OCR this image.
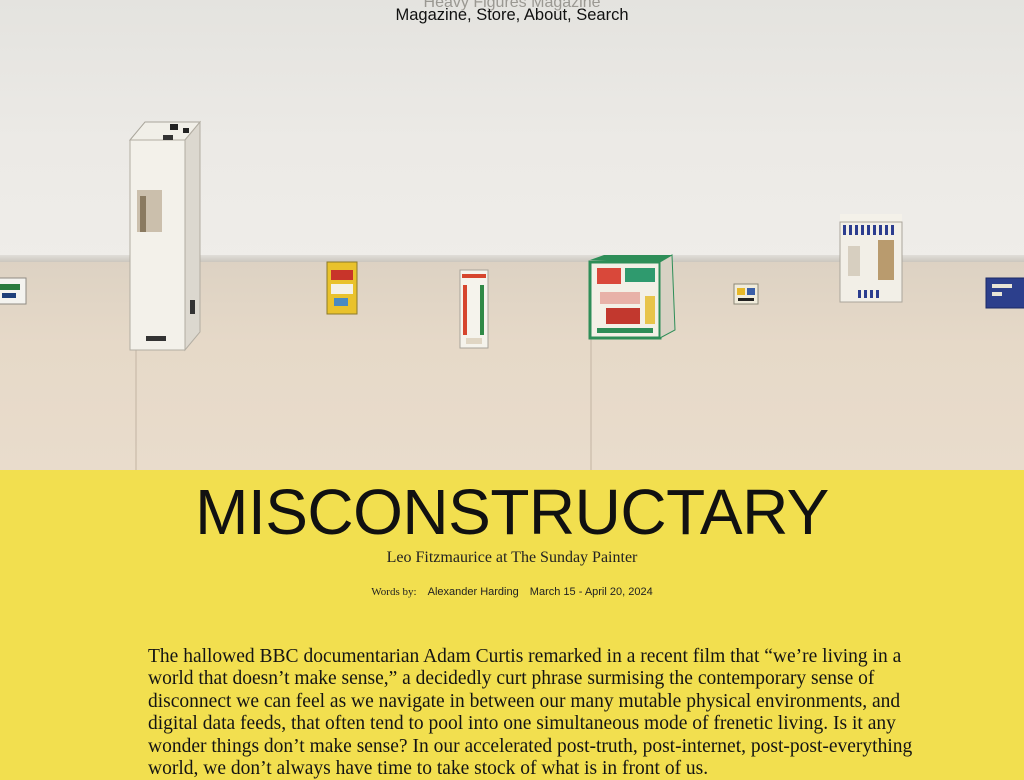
Magazine, Store, About, Search
MISCONSTRUCTARY
Leo Fitzmaurice at The Sunday Painter
Words by: Alexander Harding March 15 - April 20, 2024

The hallowed BBC documentarian Adam Curtis remarked in a recent film that “we’re living in a world that doesn’t make sense,” a decidedly curt phrase surmising the contemporary sense of disconnect we can feel as we navigate in between our many mutable physical environments, and digital data feeds, that often tend to pool into one simultaneous mode of frenetic living. Is it any wonder things don’t make sense? In our accelerated post-truth, post-internet, post-post-everything world, we don’t always have time to take stock of what is in front of us.
